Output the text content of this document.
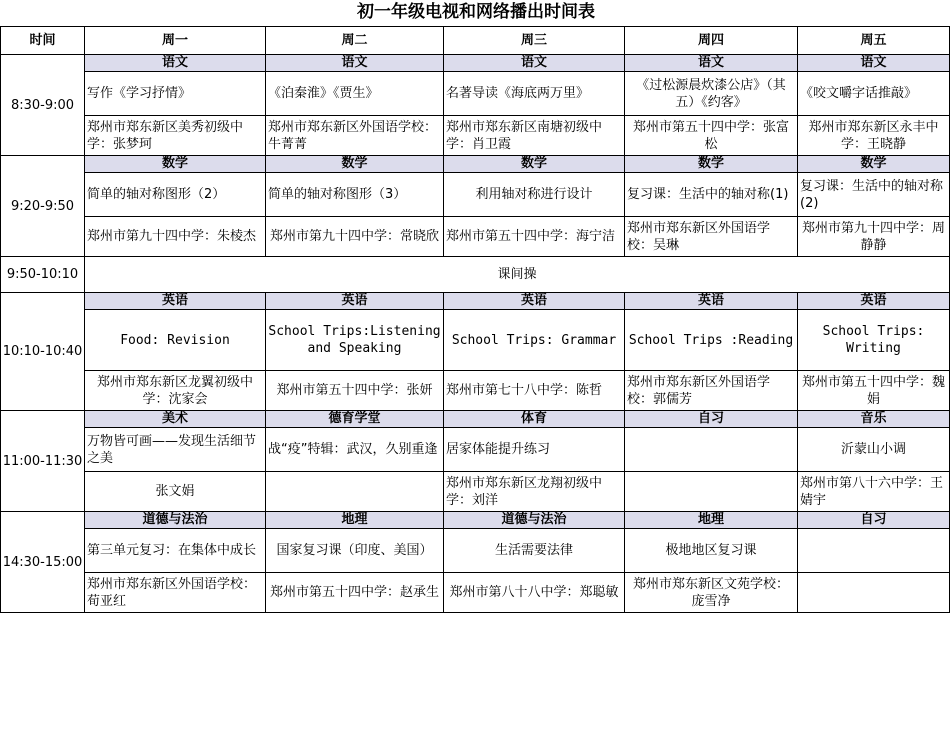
初一年级电视和网络播出时间表
时间	周一	周二	周三	周四	周五
8:30-9:00	语文	语文	语文	语文	语文
	写作《学习抒情》	《泊秦淮》《贾生》	名著导读《海底两万里》	《过松源晨炊漆公店》（其五）《约客》	《咬文嚼字话推敲》
	郑州市郑东新区美秀初级中学：张梦珂	郑州市郑东新区外国语学校：牛菁菁	郑州市郑东新区南塘初级中学：肖卫霞	郑州市第五十四中学：张富松	郑州市郑东新区永丰中学：王晓静
9:20-9:50	数学	数学	数学	数学	数学
	简单的轴对称图形（2）	简单的轴对称图形（3）	利用轴对称进行设计	复习课：生活中的轴对称(1)	复习课：生活中的轴对称(2)
	郑州市第九十四中学：朱棱杰	郑州市第九十四中学：常晓欣	郑州市第五十四中学：海宁洁	郑州市郑东新区外国语学校：吴琳	郑州市第九十四中学：周静静
9:50-10:10	课间操				
10:10-10:40	英语	英语	英语	英语	英语
	Food: Revision	School Trips:Listening and Speaking	School Trips: Grammar	School Trips :Reading	School Trips: Writing
	郑州市郑东新区龙翼初级中学：沈家会	郑州市第五十四中学：张妍	郑州市第七十八中学：陈哲	郑州市郑东新区外国语学校：郭儒芳	郑州市第五十四中学：魏娟
11:00-11:30	美术	德育学堂	体育	自习	音乐
	万物皆可画——发现生活细节之美	战“疫”特辑：武汉，久别重逢	居家体能提升练习		沂蒙山小调
	张文娟		郑州市郑东新区龙翔初级中学：刘洋		郑州市第八十六中学：王婧宇
14:30-15:00	道德与法治	地理	道德与法治	地理	自习
	第三单元复习：在集体中成长	国家复习课（印度、美国）	生活需要法律	极地地区复习课	
	郑州市郑东新区外国语学校：荀亚红	郑州市第五十四中学：赵承生	郑州市第八十八中学：郑聪敏	郑州市郑东新区文苑学校：庞雪净	
